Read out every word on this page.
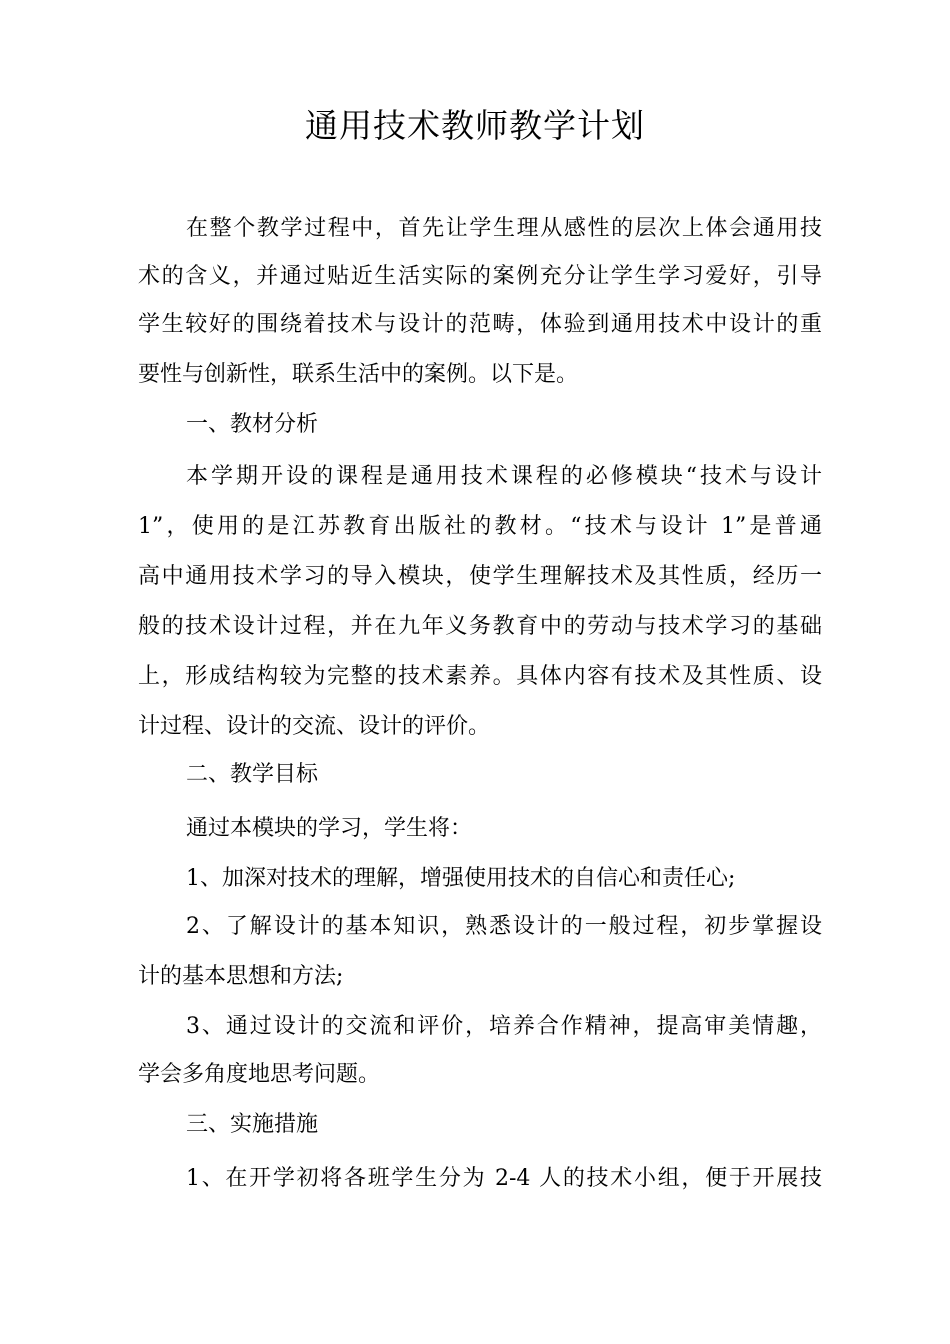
通用技术教师教学计划
在整个教学过程中，首先让学生理从感性的层次上体会通用技
术的含义，并通过贴近生活实际的案例充分让学生学习爱好，引导
学生较好的围绕着技术与设计的范畴，体验到通用技术中设计的重
要性与创新性，联系生活中的案例。以下是。
一、教材分析
本学期开设的课程是通用技术课程的必修模块“技术与设计
1”，使用的是江苏教育出版社的教材。“技术与设计 1”是普通
高中通用技术学习的导入模块，使学生理解技术及其性质，经历一
般的技术设计过程，并在九年义务教育中的劳动与技术学习的基础
上，形成结构较为完整的技术素养。具体内容有技术及其性质、设
计过程、设计的交流、设计的评价。
二、教学目标
通过本模块的学习，学生将：
1、加深对技术的理解，增强使用技术的自信心和责任心;
2、了解设计的基本知识，熟悉设计的一般过程，初步掌握设
计的基本思想和方法;
3、通过设计的交流和评价，培养合作精神，提高审美情趣，
学会多角度地思考问题。
三、实施措施
1、在开学初将各班学生分为 2-4 人的技术小组，便于开展技
